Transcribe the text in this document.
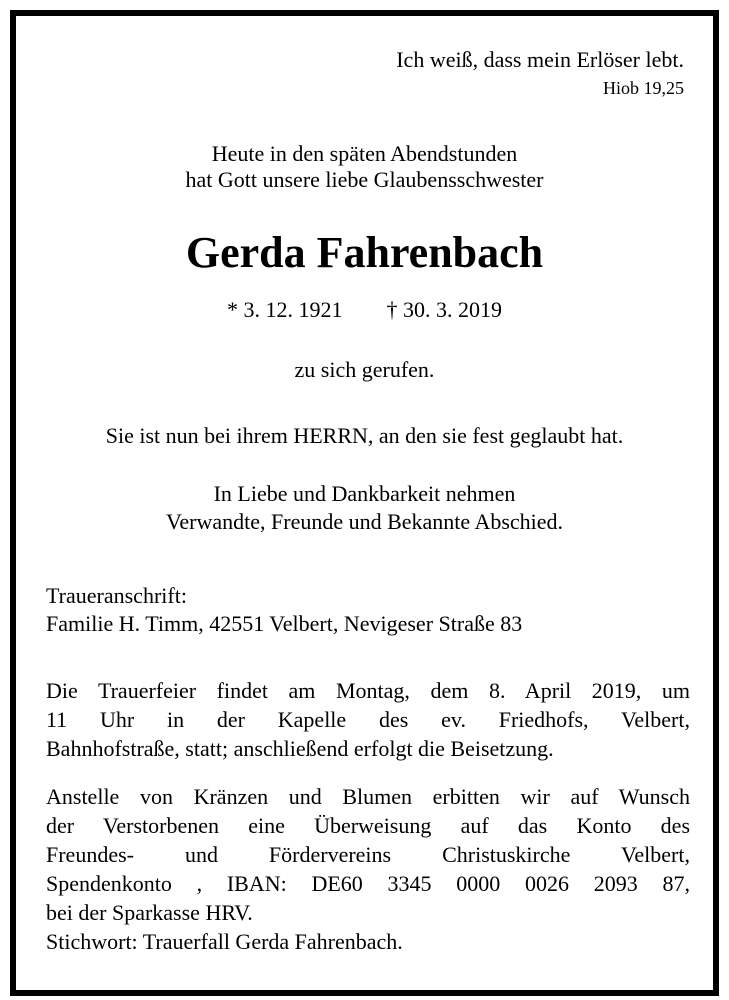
Ich weiß, dass mein Erlöser lebt.

Hiob 19,25

Heute in den späten Abendstunden

hat Gott unsere liebe Glaubensschwester

Gerda Fahrenbach

* 3. 12. 1921 † 30. 3. 2019

zu sich gerufen.

Sie ist nun bei ihrem HERRN, an den sie fest geglaubt hat.

In Liebe und Dankbarkeit nehmen

Verwandte, Freunde und Bekannte Abschied.

Traueranschrift:

Familie H. Timm, 42551 Velbert, Nevigeser Straße 83

Die Trauerfeier findet am Montag, dem 8. April 2019, um
11 Uhr in der Kapelle des ev. Friedhofs, Velbert,
Bahnhofstraße, statt; anschließend erfolgt die Beisetzung.
Anstelle von Kränzen und Blumen erbitten wir auf Wunsch
der Verstorbenen eine Überweisung auf das Konto des
Freundes- und Fördervereins Christuskirche Velbert,
Spendenkonto , IBAN: DE60 3345 0000 0026 2093 87,
bei der Sparkasse HRV.
Stichwort: Trauerfall Gerda Fahrenbach.
